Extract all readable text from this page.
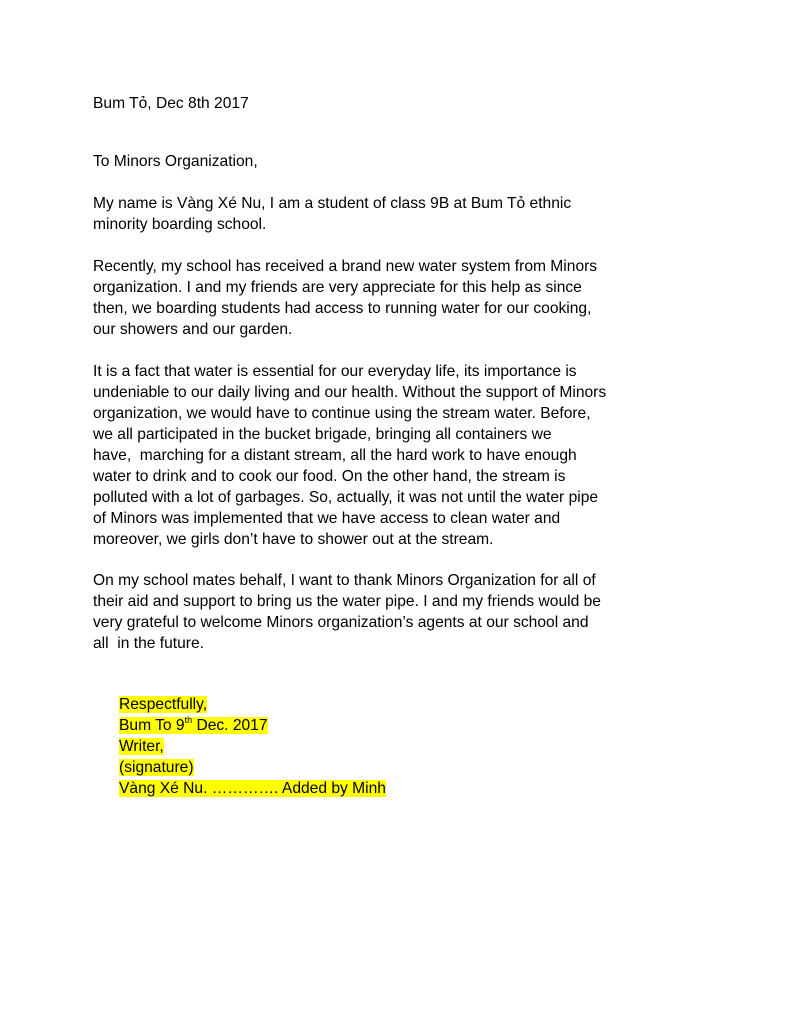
Bum Tỏ, Dec 8th 2017
To Minors Organization,
My name is Vàng Xé Nu, I am a student of class 9B at Bum Tỏ ethnic
minority boarding school.
Recently, my school has received a brand new water system from Minors
organization. I and my friends are very appreciate for this help as since
then, we boarding students had access to running water for our cooking,
our showers and our garden.
It is a fact that water is essential for our everyday life, its importance is
undeniable to our daily living and our health. Without the support of Minors
organization, we would have to continue using the stream water. Before,
we all participated in the bucket brigade, bringing all containers we
have,  marching for a distant stream, all the hard work to have enough
water to drink and to cook our food. On the other hand, the stream is
polluted with a lot of garbages. So, actually, it was not until the water pipe
of Minors was implemented that we have access to clean water and
moreover, we girls don’t have to shower out at the stream.
On my school mates behalf, I want to thank Minors Organization for all of
their aid and support to bring us the water pipe. I and my friends would be
very grateful to welcome Minors organization’s agents at our school and
all  in the future.

Respectfully,

Bum To 9th Dec. 2017

Writer,

(signature)

Vàng Xé Nu. …………. Added by Minh
